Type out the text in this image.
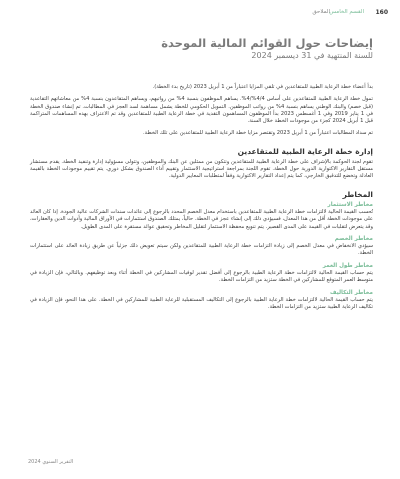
160
القسم الخامس
الملاحق
إيضاحات حول القوائم المالية الموحدة

للسنة المنتهية في 31 ديسمبر 2024

بدأ أعضاء خطة الرعاية الطبية للمتقاعدين في تلقي المزايا اعتباراً من 1 أبريل 2023 (تاريخ بدء الخطة).

تمول خطة الرعاية الطبية للمتقاعدين على أساس 4/4%/4%. يساهم الموظفون بنسبة 4% من رواتبهم، ويساهم المتقاعدون بنسبة 4% من معاشاتهم التقاعدية (قبل خصم) والبنك الوطني يساهم بنسبة 4% من رواتب الموظفين. التمويل الحكومي للخطة يشمل مساهمة لسد العجز في المطالبات. تم إنشاء صندوق الخطة في 1 يناير 2019 وفي 1 أغسطس 2023 بدأ الموظفون المساهمون التقدية في خطة الرعاية الطبية للمتقاعدين وقد تم الاعتراف بهذه المساهمات المتراكمة قبل 1 أبريل 2024 كجزء من موجودات الخطة خلال السنة.

تم سداد المطالبات اعتباراً من 1 أبريل 2023 وتقتصر مزايا خطة الرعاية الطبية للمتقاعدين على تلك الخطة.

إدارة خطة الرعاية الطبية للمتقاعدين

تقوم لجنة الحوكمة بالإشراف على خطة الرعاية الطبية للمتقاعدين وتتكون من ممثلين عن البنك والموظفين، وتتولى مسؤولية إدارة وتنفيذ الخطة. يقدم مستشار مستقل التقارير الاكتوارية الدورية حول الخطة. تقوم اللجنة بمراجعة استراتيجية الاستثمار وتقييم أداء الصندوق بشكل دوري. يتم تقييم موجودات الخطة بالقيمة العادلة وتخضع للتدقيق الخارجي، كما يتم إعداد التقارير الاكتوارية وفقاً لمتطلبات المعايير الدولية.

المخاطر
مخاطر الاستثمار

تُحسب القيمة الحالية لالتزامات خطة الرعاية الطبية للمتقاعدين باستخدام معدل الخصم المحدد بالرجوع إلى عائدات سندات الشركات عالية الجودة. إذا كان العائد على موجودات الخطة أقل من هذا المعدل، فسيؤدي ذلك إلى إنشاء عجز في الخطة. حالياً، يمتلك الصندوق استثمارات في الأوراق المالية وأدوات الدين والعقارات، وقد يتعرض لتقلبات في القيمة على المدى القصير. يتم تنويع محفظة الاستثمار لتقليل المخاطر وتحقيق عوائد مستقرة على المدى الطويل.

مخاطر الخصم

سيؤدي الانخفاض في معدل الخصم إلى زيادة التزامات خطة الرعاية الطبية للمتقاعدين ولكن سيتم تعويض ذلك جزئياً عن طريق زيادة العائد على استثمارات الخطة.

مخاطر طول العمر

يتم حساب القيمة الحالية لالتزامات خطة الرعاية الطبية بالرجوع إلى أفضل تقدير لوفيات المشاركين في الخطة أثناء وبعد توظيفهم. وبالتالي، فإن الزيادة في متوسط العمر المتوقع للمشاركين في الخطة ستزيد من التزامات الخطة.

مخاطر التكاليف

يتم حساب القيمة الحالية لالتزامات خطة الرعاية الطبية بالرجوع إلى التكاليف المستقبلية للرعاية الطبية للمشاركين في الخطة. على هذا النحو، فإن الزيادة في تكاليف الرعاية الطبية ستزيد من التزامات الخطة.

التقرير السنوي 2024
